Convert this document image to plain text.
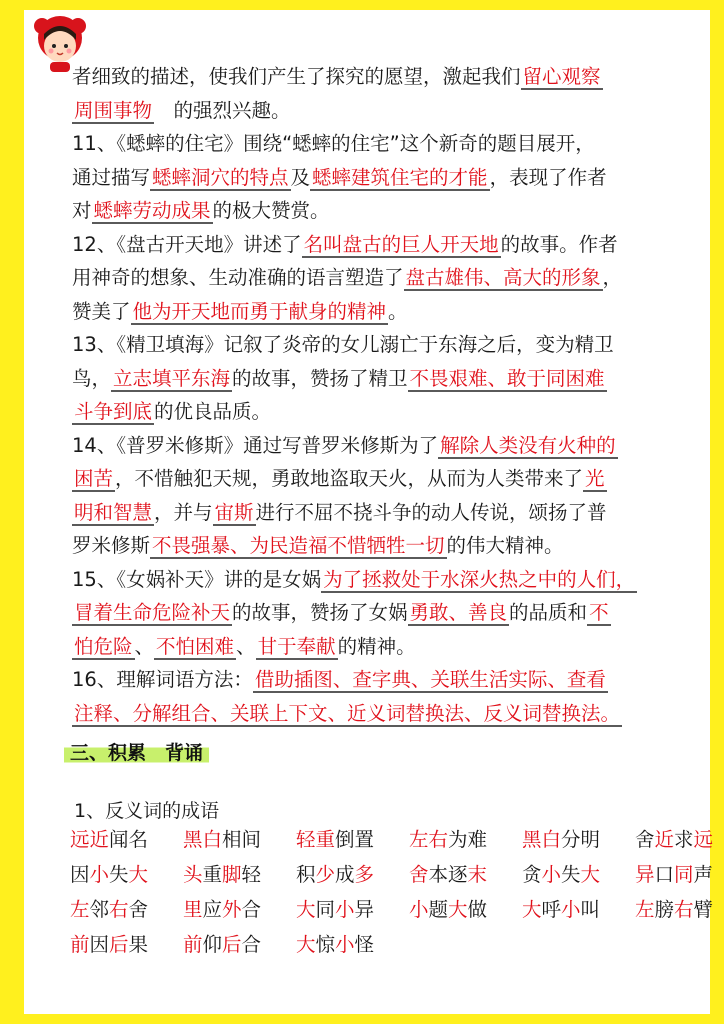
者细致的描述，使我们产生了探究的愿望，激起我们 留心观察
周围事物　的强烈兴趣。
11、《蟋蟀的住宅》围绕“蟋蟀的住宅”这个新奇的题目展开，
通过描写 蟋蟀洞穴的特点 及 蟋蟀建筑住宅的才能 ，表现了作者
对 蟋蟀劳动成果 的极大赞赏。
12、《盘古开天地》讲述了 名叫盘古的巨人开天地 的故事。作者
用神奇的想象、生动准确的语言塑造了 盘古雄伟、高大的形象 ，
赞美了 他为开天地而勇于献身的精神 。
13、《精卫填海》记叙了炎帝的女儿溺亡于东海之后，变为精卫
鸟， 立志填平东海 的故事，赞扬了精卫 不畏艰难、敢于同困难
斗争到底 的优良品质。
14、《普罗米修斯》通过写普罗米修斯为了 解除人类没有火种的
困苦 ，不惜触犯天规，勇敢地盗取天火，从而为人类带来了 光
明和智慧 ，并与 宙斯 进行不屈不挠斗争的动人传说，颂扬了普
罗米修斯 不畏强暴、为民造福不惜牺牲一切 的伟大精神。
15、《女娲补天》讲的是女娲 为了拯救处于水深火热之中的人们，
冒着生命危险补天 的故事，赞扬了女娲 勇敢、善良 的品质和 不
怕危险 、 不怕困难 、 甘于奉献 的精神。
16、理解词语方法： 借助插图、查字典、关联生活实际、查看
注释、分解组合、关联上下文、近义词替换法、反义词替换法。
三、积累　背诵
1、反义词的成语
远近闻名 黑白相间 轻重倒置 左右为难 黑白分明 舍近求远
因小失大 头重脚轻 积少成多 舍本逐末 贪小失大 异口同声
左邻右舍 里应外合 大同小异 小题大做 大呼小叫 左膀右臂
前因后果 前仰后合 大惊小怪
